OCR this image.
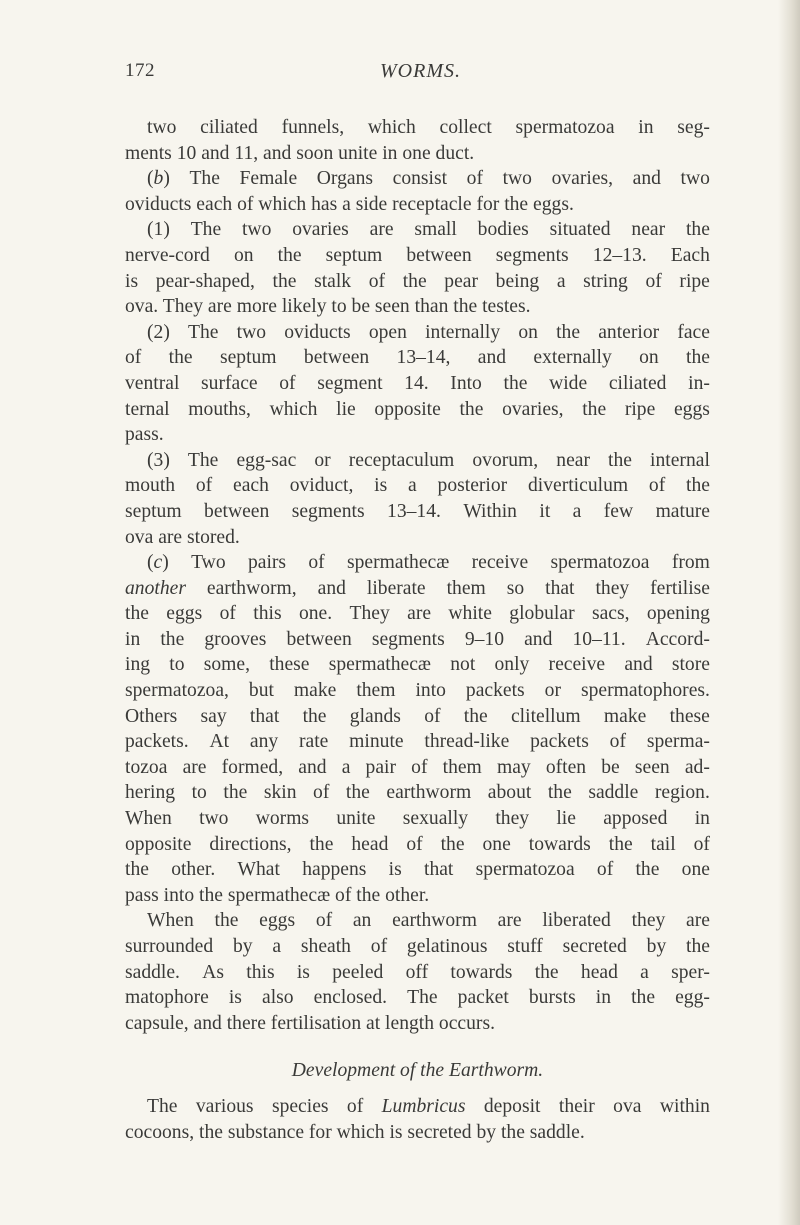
172	WORMS.
two ciliated funnels, which collect spermatozoa in seg-
ments 10 and 11, and soon unite in one duct.
(b) The Female Organs consist of two ovaries, and two
oviducts each of which has a side receptacle for the eggs.
(1) The two ovaries are small bodies situated near the
nerve-cord on the septum between segments 12–13. Each
is pear-shaped, the stalk of the pear being a string of ripe
ova. They are more likely to be seen than the testes.
(2) The two oviducts open internally on the anterior face
of the septum between 13–14, and externally on the
ventral surface of segment 14. Into the wide ciliated in-
ternal mouths, which lie opposite the ovaries, the ripe eggs
pass.
(3) The egg-sac or receptaculum ovorum, near the internal
mouth of each oviduct, is a posterior diverticulum of the
septum between segments 13–14. Within it a few mature
ova are stored.
(c) Two pairs of spermathecæ receive spermatozoa from
another earthworm, and liberate them so that they fertilise
the eggs of this one. They are white globular sacs, opening
in the grooves between segments 9–10 and 10–11. Accord-
ing to some, these spermathecæ not only receive and store
spermatozoa, but make them into packets or spermatophores.
Others say that the glands of the clitellum make these
packets. At any rate minute thread-like packets of sperma-
tozoa are formed, and a pair of them may often be seen ad-
hering to the skin of the earthworm about the saddle region.
When two worms unite sexually they lie apposed in
opposite directions, the head of the one towards the tail of
the other. What happens is that spermatozoa of the one
pass into the spermathecæ of the other.
When the eggs of an earthworm are liberated they are
surrounded by a sheath of gelatinous stuff secreted by the
saddle. As this is peeled off towards the head a sper-
matophore is also enclosed. The packet bursts in the egg-
capsule, and there fertilisation at length occurs.
Development of the Earthworm.
The various species of Lumbricus deposit their ova within
cocoons, the substance for which is secreted by the saddle.
